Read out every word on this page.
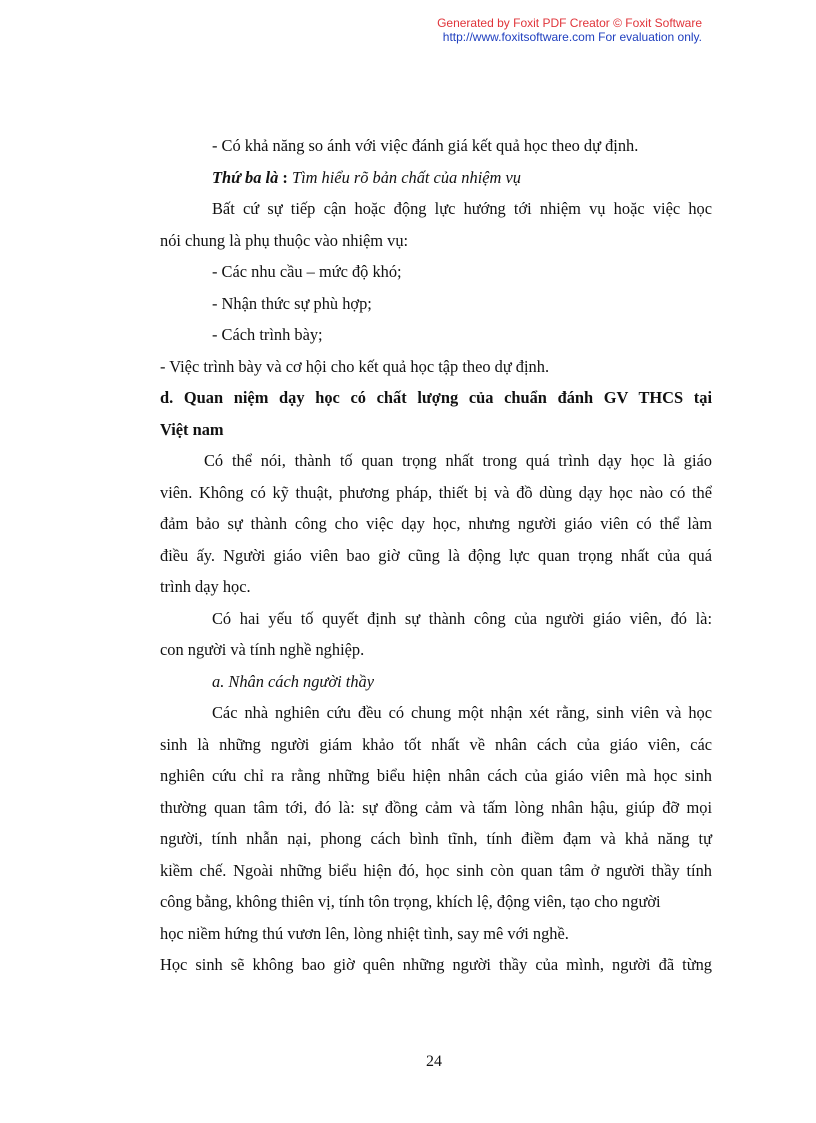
Generated by Foxit PDF Creator © Foxit Software
http://www.foxitsoftware.com For evaluation only.

- Có khả năng so ánh với việc đánh giá kết quả học theo dự định.

Thứ ba là : Tìm hiểu rõ bản chất của nhiệm vụ

Bất cứ sự tiếp cận hoặc động lực hướng tới nhiệm vụ hoặc việc học

nói chung là phụ thuộc vào nhiệm vụ:

- Các nhu cầu – mức độ khó;

- Nhận thức sự phù hợp;

- Cách trình bày;

- Việc trình bày và cơ hội cho kết quả học tập theo dự định.

d. Quan niệm dạy học có chất lượng của chuẩn đánh GV THCS tại

Việt nam

Có thể nói, thành tố quan trọng nhất trong quá trình dạy học là giáo

viên. Không có kỹ thuật, phương pháp, thiết bị và đồ dùng dạy học nào có thể

đảm bảo sự thành công cho việc dạy học, nhưng người giáo viên có thể làm

điều ấy. Người giáo viên bao giờ cũng là động lực quan trọng nhất của quá

trình dạy học.

Có hai yếu tố quyết định sự thành công của người giáo viên, đó là:

con người và tính nghề nghiệp.

a. Nhân cách người thầy

Các nhà nghiên cứu đều có chung một nhận xét rằng, sinh viên và học

sinh là những người giám khảo tốt nhất về nhân cách của giáo viên, các

nghiên cứu chỉ ra rằng những biểu hiện nhân cách của giáo viên mà học sinh

thường quan tâm tới, đó là: sự đồng cảm và tấm lòng nhân hậu, giúp đỡ mọi

người, tính nhẫn nại, phong cách bình tĩnh, tính điềm đạm và khả năng tự

kiềm chế. Ngoài những biểu hiện đó, học sinh còn quan tâm ở người thầy tính

công bằng, không thiên vị, tính tôn trọng, khích lệ, động viên, tạo cho người

học niềm hứng thú vươn lên, lòng nhiệt tình, say mê với nghề.

Học sinh sẽ không bao giờ quên những người thầy của mình, người đã từng

24
